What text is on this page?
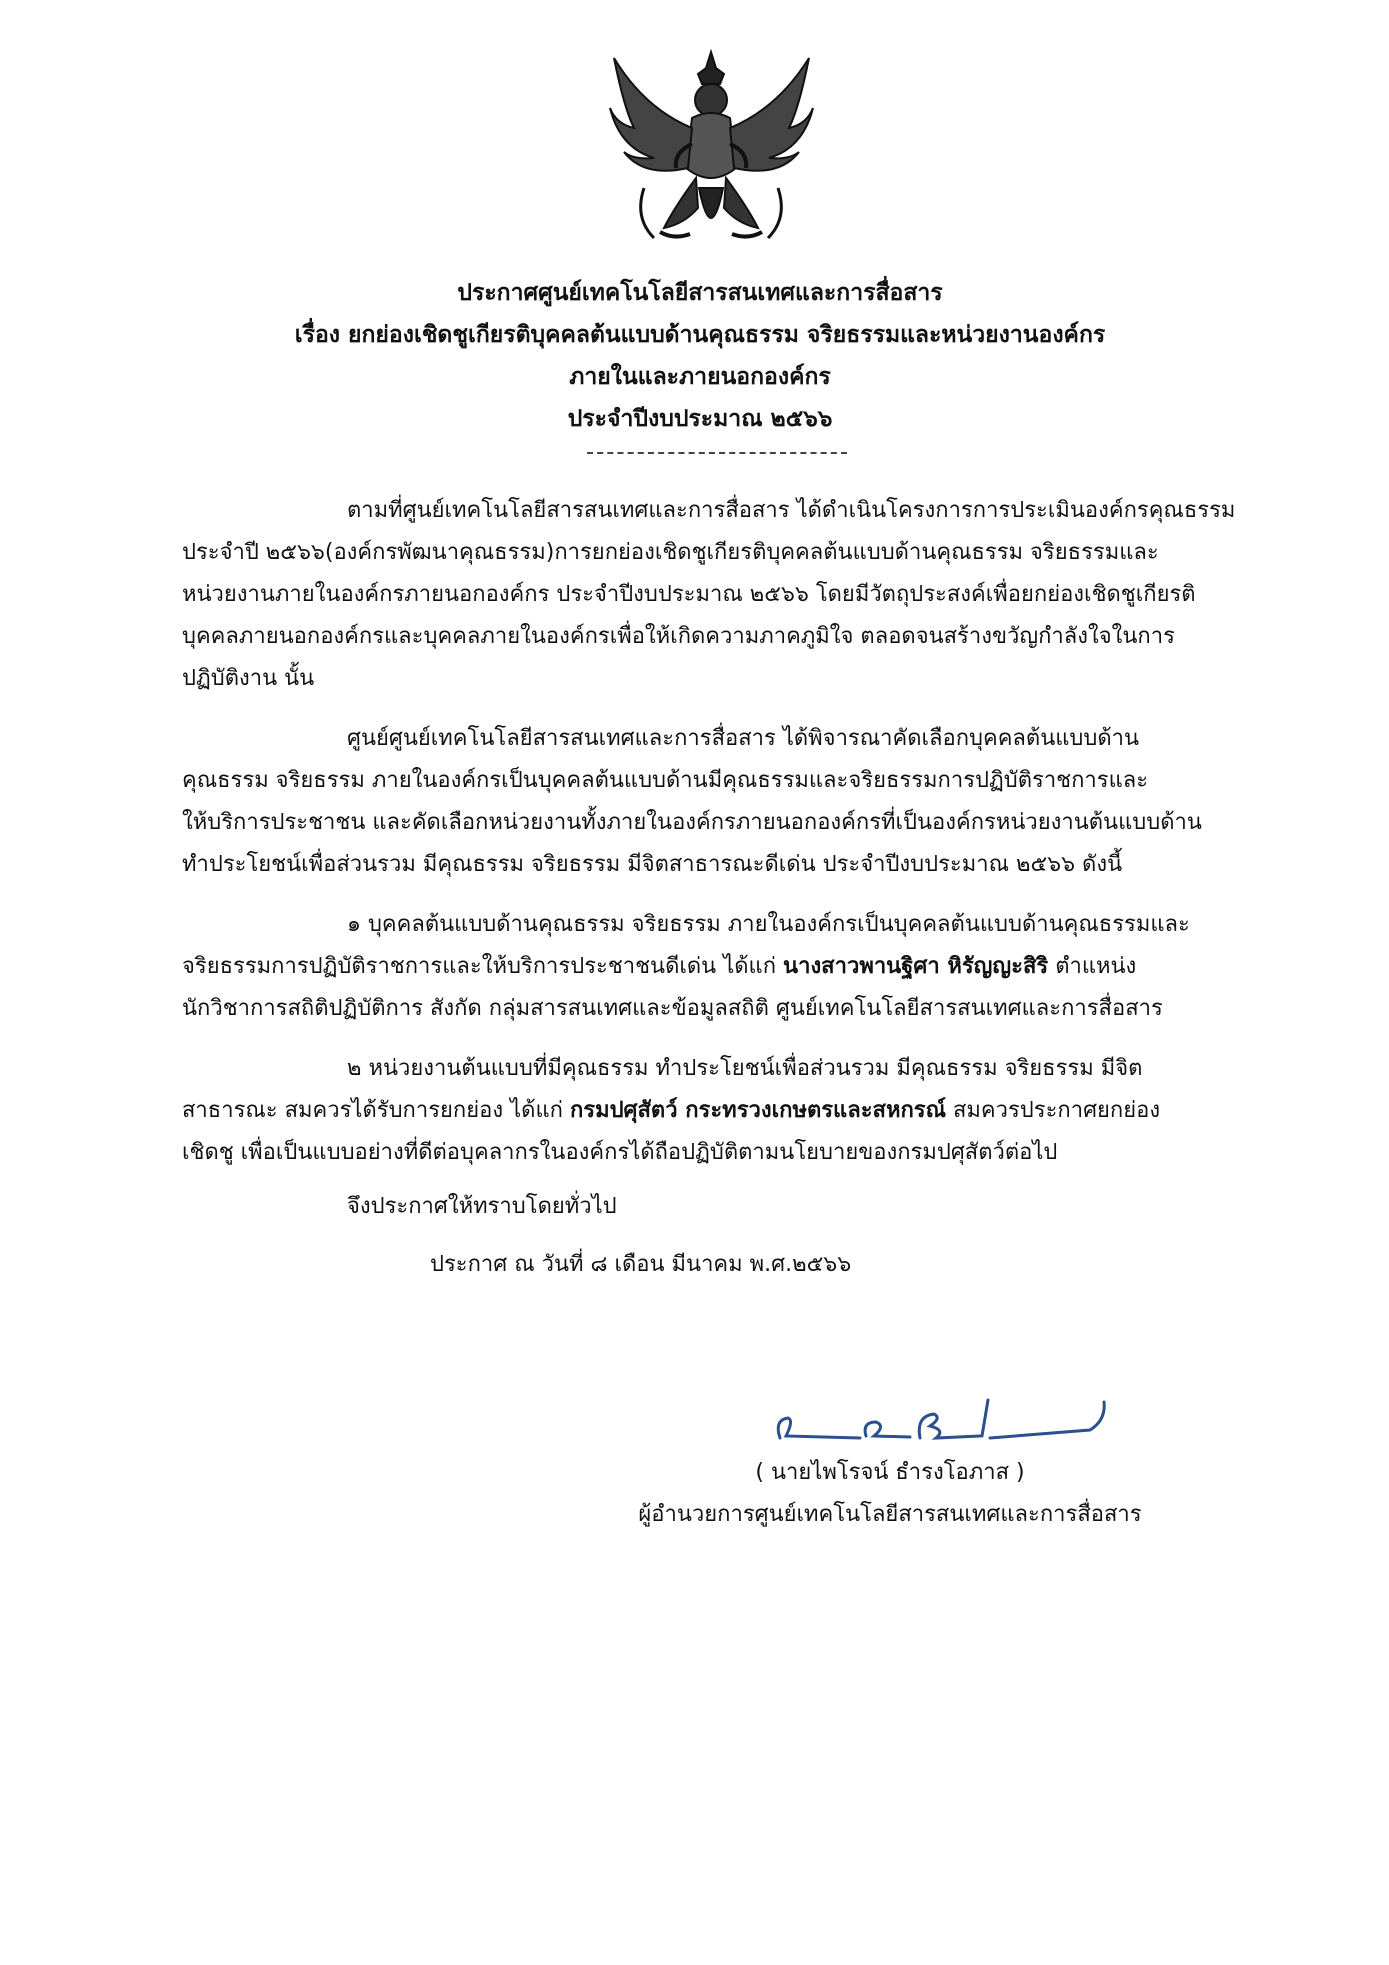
ประกาศศูนย์เทคโนโลยีสารสนเทศและการสื่อสาร
เรื่อง ยกย่องเชิดชูเกียรติบุคคลต้นแบบด้านคุณธรรม จริยธรรมและหน่วยงานองค์กร
ภายในและภายนอกองค์กร
ประจำปีงบประมาณ ๒๕๖๖
ตามที่ศูนย์เทคโนโลยีสารสนเทศและการสื่อสาร ได้ดำเนินโครงการการประเมินองค์กรคุณธรรม
ประจำปี ๒๕๖๖(องค์กรพัฒนาคุณธรรม)การยกย่องเชิดชูเกียรติบุคคลต้นแบบด้านคุณธรรม จริยธรรมและ
หน่วยงานภายในองค์กรภายนอกองค์กร ประจำปีงบประมาณ ๒๕๖๖ โดยมีวัตถุประสงค์เพื่อยกย่องเชิดชูเกียรติ
บุคคลภายนอกองค์กรและบุคคลภายในองค์กรเพื่อให้เกิดความภาคภูมิใจ ตลอดจนสร้างขวัญกำลังใจในการ
ปฏิบัติงาน นั้น
ศูนย์ศูนย์เทคโนโลยีสารสนเทศและการสื่อสาร ได้พิจารณาคัดเลือกบุคคลต้นแบบด้าน
คุณธรรม จริยธรรม ภายในองค์กรเป็นบุคคลต้นแบบด้านมีคุณธรรมและจริยธรรมการปฏิบัติราชการและ
ให้บริการประชาชน และคัดเลือกหน่วยงานทั้งภายในองค์กรภายนอกองค์กรที่เป็นองค์กรหน่วยงานต้นแบบด้าน
ทำประโยชน์เพื่อส่วนรวม มีคุณธรรม จริยธรรม มีจิตสาธารณะดีเด่น ประจำปีงบประมาณ ๒๕๖๖ ดังนี้
๑ บุคคลต้นแบบด้านคุณธรรม จริยธรรม ภายในองค์กรเป็นบุคคลต้นแบบด้านคุณธรรมและ
จริยธรรมการปฏิบัติราชการและให้บริการประชาชนดีเด่น ได้แก่ นางสาวพานฐิศา หิรัญญะสิริ ตำแหน่ง
นักวิชาการสถิติปฏิบัติการ สังกัด กลุ่มสารสนเทศและข้อมูลสถิติ ศูนย์เทคโนโลยีสารสนเทศและการสื่อสาร
๒ หน่วยงานต้นแบบที่มีคุณธรรม ทำประโยชน์เพื่อส่วนรวม มีคุณธรรม จริยธรรม มีจิต
สาธารณะ สมควรได้รับการยกย่อง ได้แก่ กรมปศุสัตว์ กระทรวงเกษตรและสหกรณ์ สมควรประกาศยกย่อง
เชิดชู เพื่อเป็นแบบอย่างที่ดีต่อบุคลากรในองค์กรได้ถือปฏิบัติตามนโยบายของกรมปศุสัตว์ต่อไป
จึงประกาศให้ทราบโดยทั่วไป
ประกาศ ณ วันที่ ๘ เดือน มีนาคม พ.ศ.๒๕๖๖
( นายไพโรจน์ ธำรงโอภาส )
ผู้อำนวยการศูนย์เทคโนโลยีสารสนเทศและการสื่อสาร
